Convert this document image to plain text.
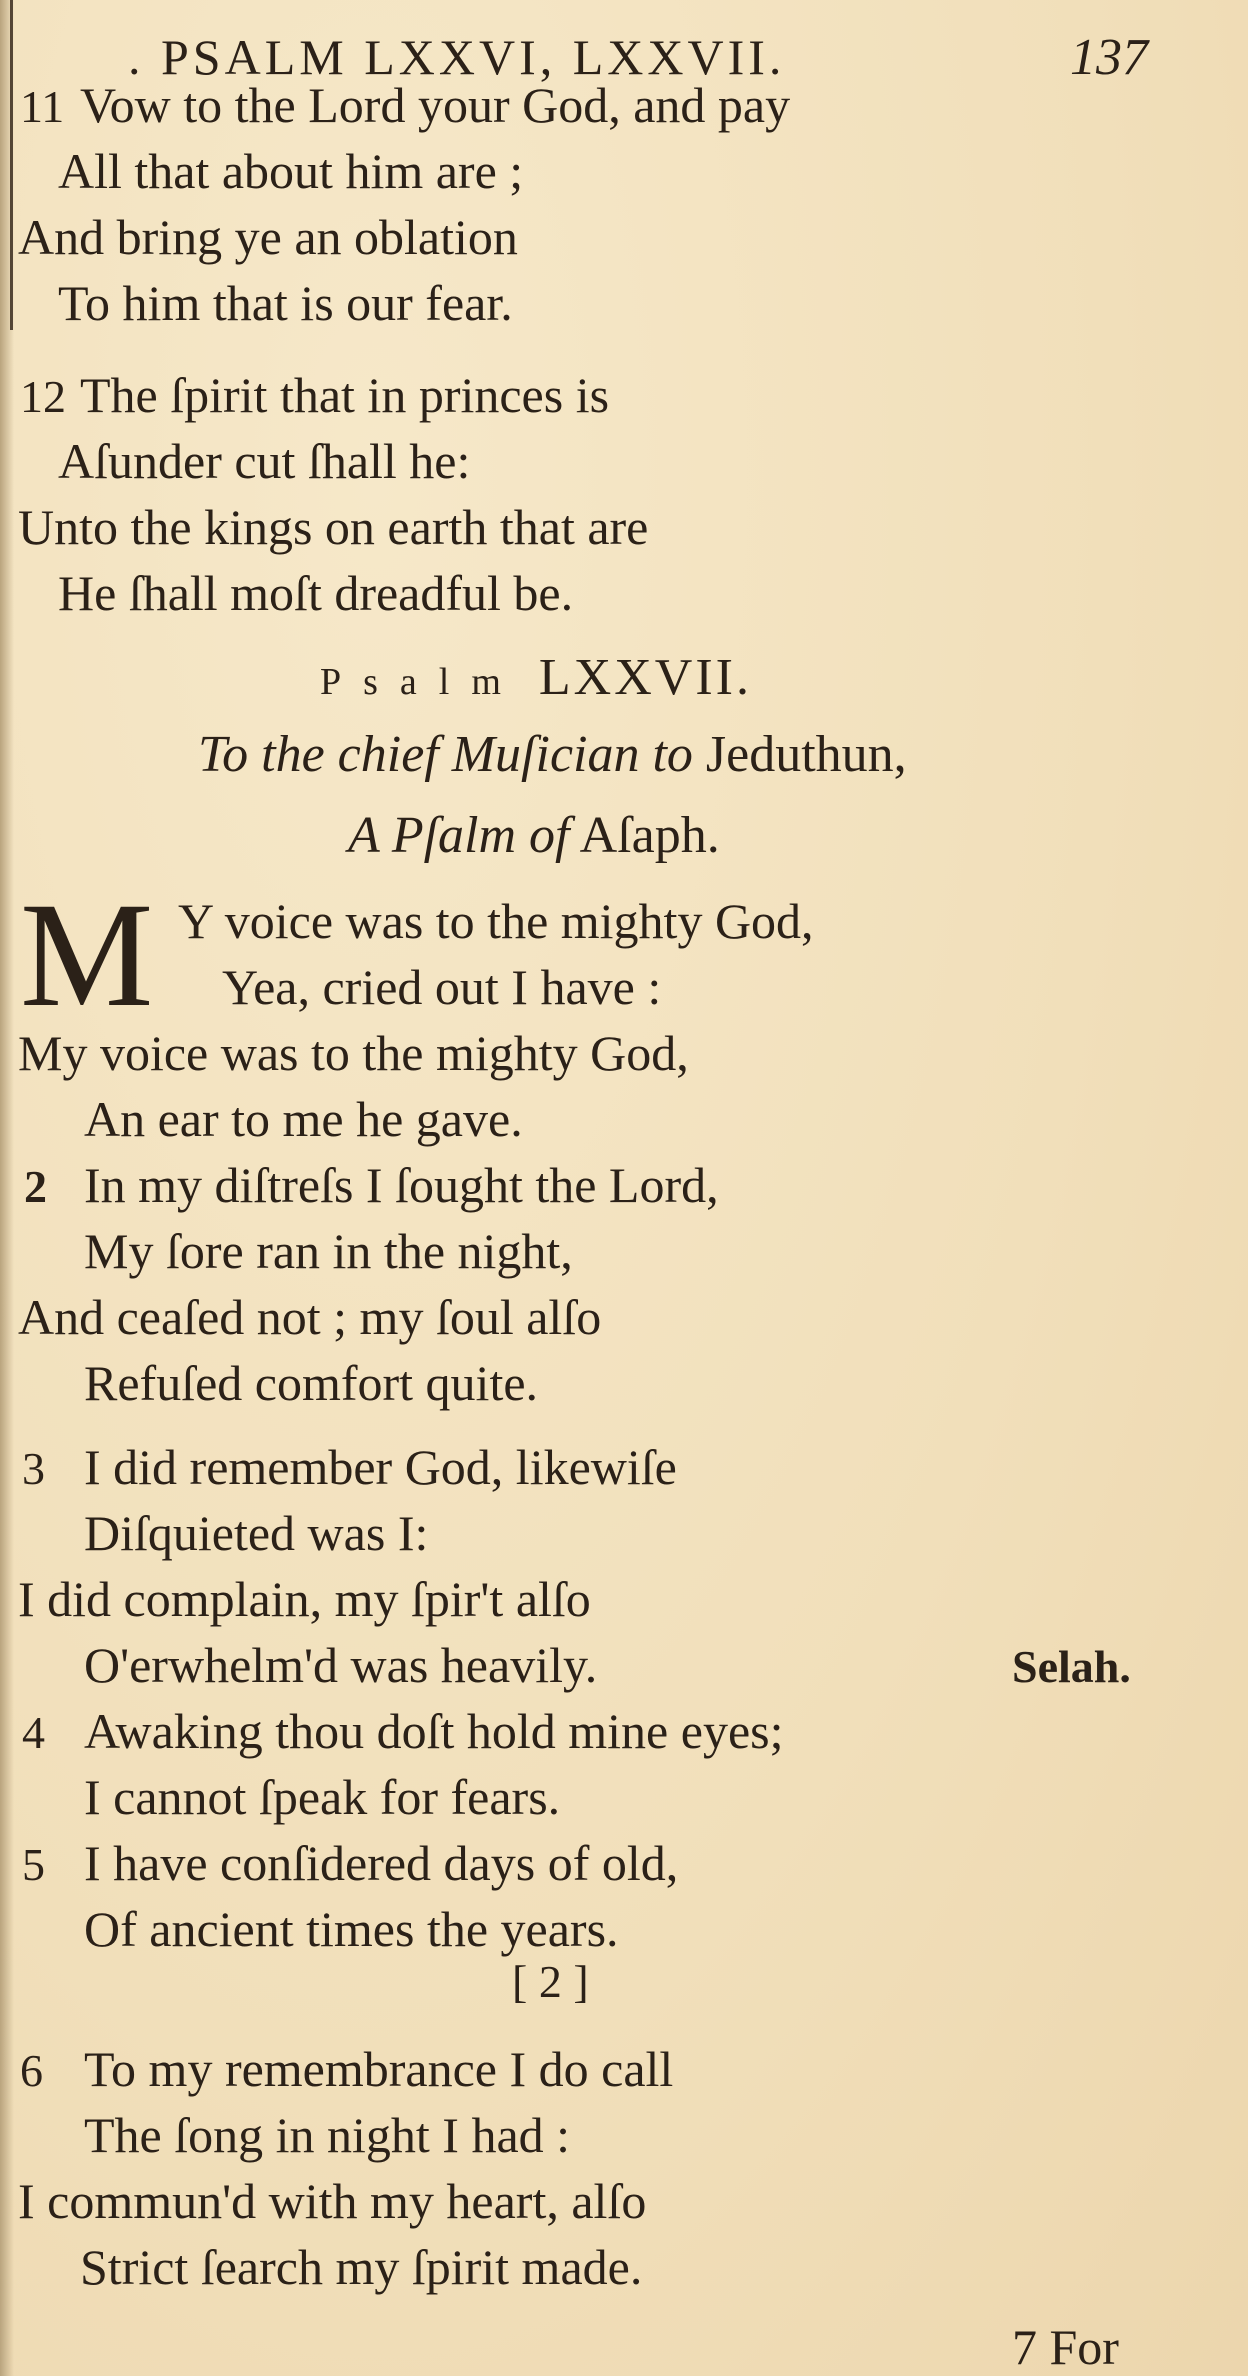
. PSALM LXXVI, LXXVII.	137
11 Vow to the Lord your God, and pay
All that about him are ;
And bring ye an oblation
To him that is our fear.
12 The ſpirit that in princes is
Aſunder cut ſhall he:
Unto the kings on earth that are
He ſhall moſt dreadful be.
Psalm LXXVII.
To the chief Muſician to Jeduthun,
A Pſalm of Aſaph.
M Y voice was to the mighty God,
Yea, cried out I have :
My voice was to the mighty God,
An ear to me he gave.
2 In my diſtreſs I ſought the Lord,
My ſore ran in the night,
And ceaſed not ; my ſoul alſo
Refuſed comfort quite.
3 I did remember God, likewiſe
Diſquieted was I:
I did complain, my ſpir't alſo
O'erwhelm'd was heavily.	Selah.
4 Awaking thou doſt hold mine eyes;
I cannot ſpeak for fears.
5 I have conſidered days of old,
Of ancient times the years.
[ 2 ]
6 To my remembrance I do call
The ſong in night I had :
I commun'd with my heart, alſo
Strict ſearch my ſpirit made.
7 For
